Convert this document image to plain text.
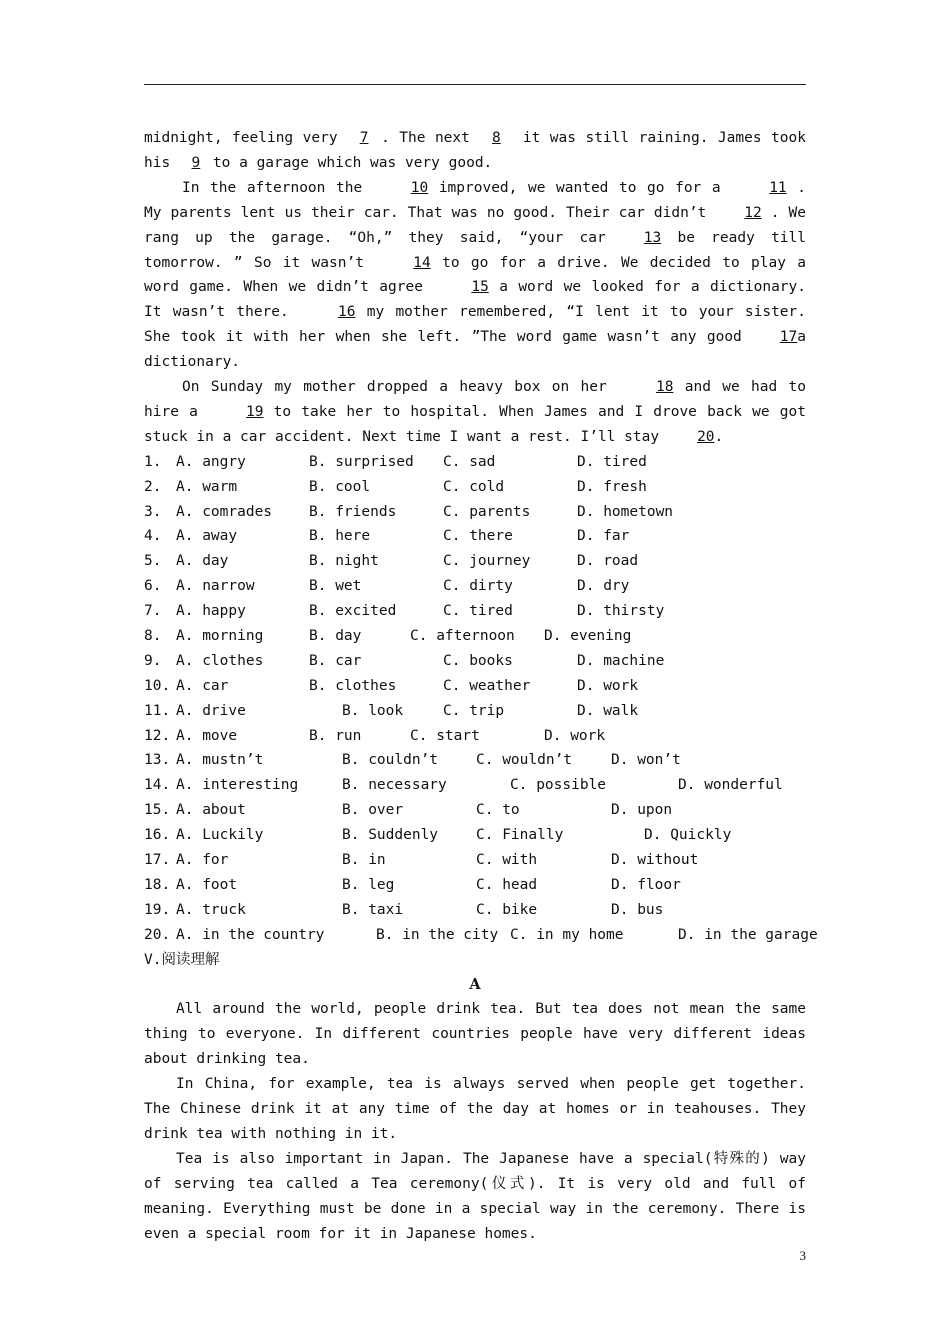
midnight, feeling very 7 . The next 8 it was still raining. James took his 9 to a garage which was very good.

In the afternoon the	10 improved, we wanted to go for a	11 . My parents lent us their car. That was no good. Their car didn’t	12 . We rang up the garage. “Oh,” they said, “your car	13 be ready till tomorrow. ” So it wasn’t	14 to go for a drive. We decided to play a word game. When we didn’t agree	15 a word we looked for a dictionary. It wasn’t there.	16 my mother remembered, “I lent it to your sister. She took it with her when she left. ”The word game wasn’t any good	17a dictionary.

On Sunday my mother dropped a heavy box on her	18 and we had to hire a	19 to take her to hospital. When James and I drove back we got stuck in a car accident. Next time I want a rest. I’ll stay	20.

1. A. angry	B. surprised C. sad	D. tired
2. A. warm	B. cool	C. cold	D. fresh
3. A. comrades	B. friends	C. parents	D. hometown
4. A. away	B. here	C. there	D. far
5. A. day	B. night	C. journey	D. road
6. A. narrow	B. wet	C. dirty	D. dry
7. A. happy	B. excited	C. tired	D. thirsty
8. A. morning	B. day	C. afternoon D. evening
9. A. clothes	B. car	C. books	D. machine
10. A. car	B. clothes	C. weather	D. work
11. A. drive	B. look	C. trip	D. walk
12. A. move	B. run	C. start	D. work
13. A. mustn’t	B. couldn’t	C. wouldn’t	D. won’t
14. A. interesting	B. necessary	C. possible	D. wonderful
15. A. about	B. over	C. to	D. upon
16. A. Luckily	B. Suddenly	C. Finally	D. Quickly
17. A. for	B. in	C. with	D. without
18. A. foot	B. leg	C. head	D. floor
19. A. truck	B. taxi	C. bike	D. bus
20. A. in the country	B. in the city C. in my home	D. in the garage

V.阅读理解

A

All around the world, people drink tea. But tea does not mean the same thing to everyone. In different countries people have very different ideas about drinking tea.

In China, for example, tea is always served when people get together. The Chinese drink it at any time of the day at homes or in teahouses. They drink tea with nothing in it.

Tea is also important in Japan. The Japanese have a special(特殊的) way of serving tea called a Tea ceremony(仪式). It is very old and full of meaning. Everything must be done in a special way in the ceremony. There is even a special room for it in Japanese homes.

3
